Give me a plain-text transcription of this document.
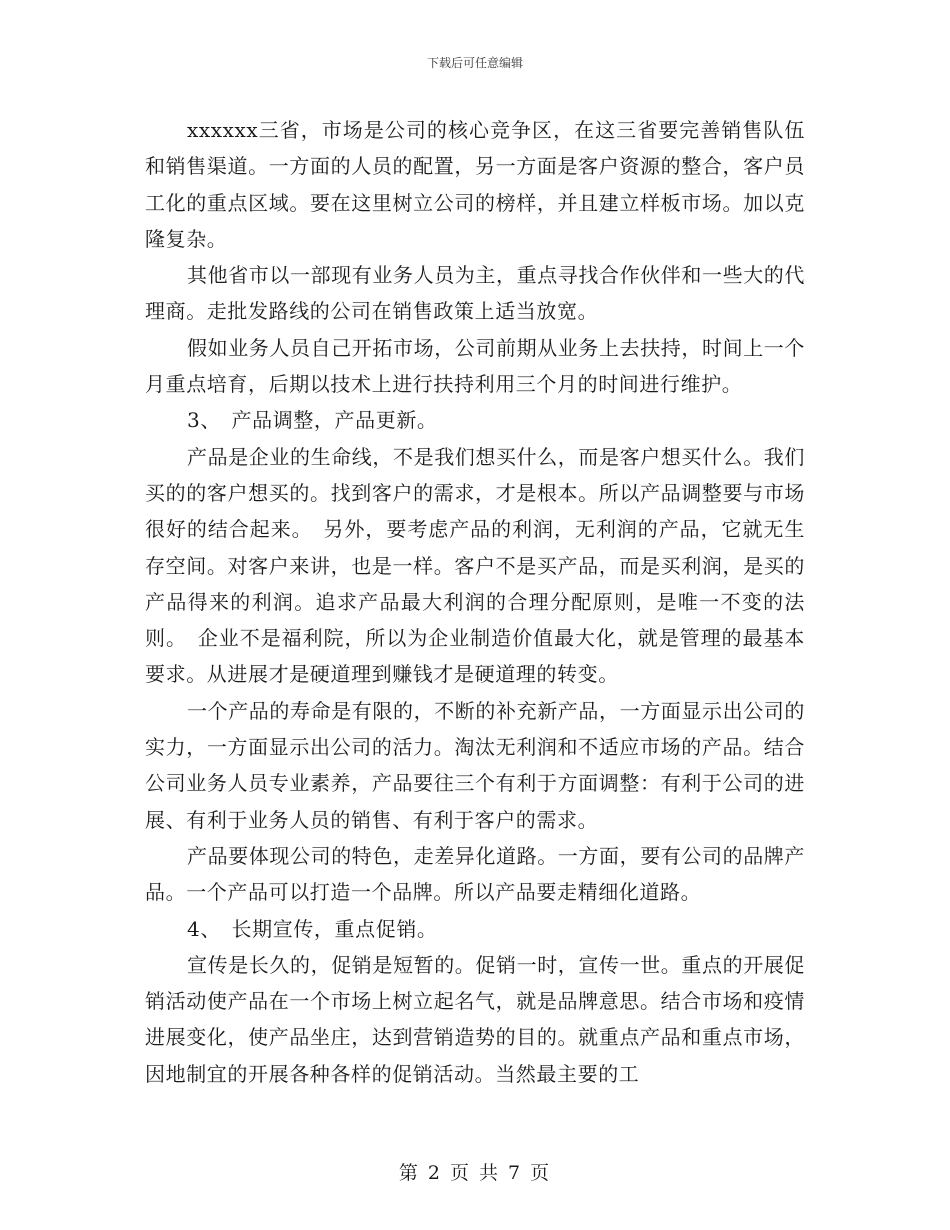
下载后可任意编辑

xxxxxx三省，市场是公司的核心竞争区，在这三省要完善销售队伍和销售渠道。一方面的人员的配置，另一方面是客户资源的整合，客户员工化的重点区域。要在这里树立公司的榜样，并且建立样板市场。加以克隆复杂。

其他省市以一部现有业务人员为主，重点寻找合作伙伴和一些大的代理商。走批发路线的公司在销售政策上适当放宽。

假如业务人员自己开拓市场，公司前期从业务上去扶持，时间上一个月重点培育，后期以技术上进行扶持利用三个月的时间进行维护。

3、　产品调整，产品更新。

产品是企业的生命线，不是我们想买什么，而是客户想买什么。我们买的的客户想买的。找到客户的需求，才是根本。所以产品调整要与市场很好的结合起来。　另外，要考虑产品的利润，无利润的产品，它就无生存空间。对客户来讲，也是一样。客户不是买产品，而是买利润，是买的产品得来的利润。追求产品最大利润的合理分配原则，是唯一不变的法则。　企业不是福利院，所以为企业制造价值最大化，就是管理的最基本要求。从进展才是硬道理到赚钱才是硬道理的转变。

一个产品的寿命是有限的，不断的补充新产品，一方面显示出公司的实力，一方面显示出公司的活力。淘汰无利润和不适应市场的产品。结合公司业务人员专业素养，产品要往三个有利于方面调整：有利于公司的进展、有利于业务人员的销售、有利于客户的需求。

产品要体现公司的特色，走差异化道路。一方面，要有公司的品牌产品。一个产品可以打造一个品牌。所以产品要走精细化道路。

4、　长期宣传，重点促销。

宣传是长久的，促销是短暂的。促销一时，宣传一世。重点的开展促销活动使产品在一个市场上树立起名气，就是品牌意思。结合市场和疫情进展变化，使产品坐庄，达到营销造势的目的。就重点产品和重点市场，因地制宜的开展各种各样的促销活动。当然最主要的工

第 2 页 共 7 页
